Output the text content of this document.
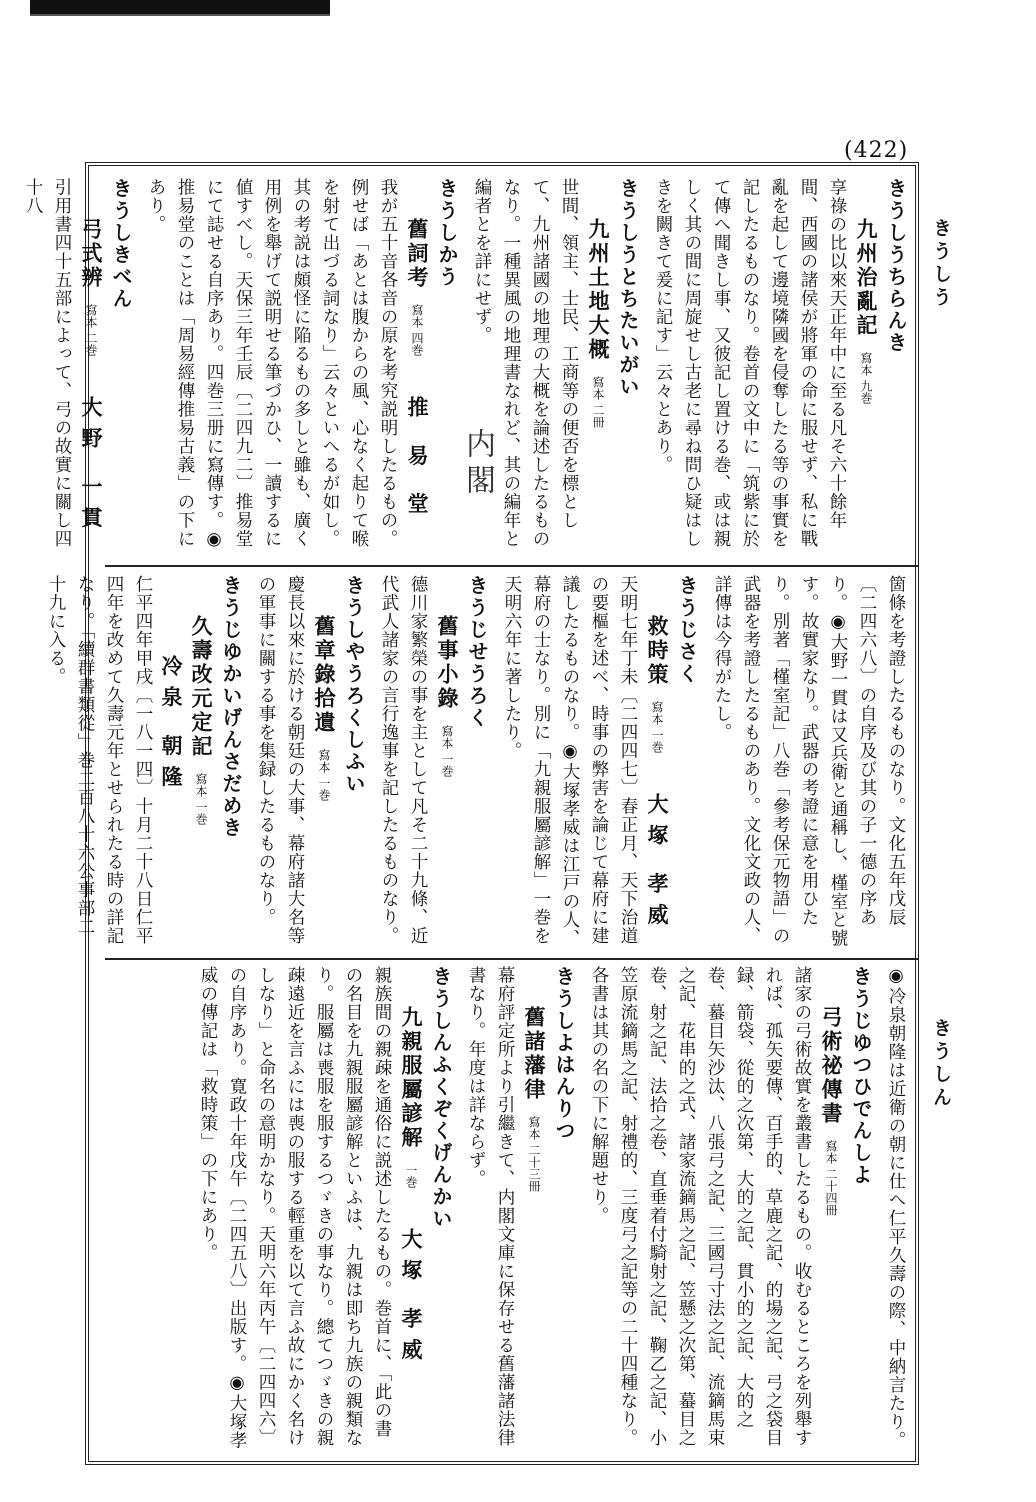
(422)
きうしう
きうしん
内閣
きうしうちらんき
九州治亂記寫本 九巻
享祿の比以來天正年中に至る凡そ六十餘年間、西國の諸侯が將軍の命に服せず、私に戰亂を起して邊境隣國を侵奪したる等の事實を記したるものなり。卷首の文中に「筑紫に於て傳へ聞きし事、又彼記し置ける巻、或は親しく其の間に周旋せし古老に尋ね問ひ疑はしきを闕きて爰に記す」云々とあり。
きうしうとちたいがい
九州土地大概寫本 二冊
世間、領主、士民、工商等の便否を標として、九州諸國の地理の大概を論述したるものなり。一種異風の地理書なれど、其の編年と編者とを詳にせず。
きうしかう
舊詞考寫本 四巻推 易 堂
我が五十音各音の原を考究説明したるもの。例せば「あとは腹からの風、心なく起りて喉を射て出づる詞なり」云々といへるが如し。其の考説は頗怪に陥るもの多しと雖も、廣く用例を舉げて説明せる筆づかひ、一讀するに値すべし。天保三年壬辰〔二四九二〕推易堂にて誌せる自序あり。四巻三册に寫傳す。◉推易堂のことは「周易經傳推易古義」の下にあり。
きうしきべん
弓式辨寫本 二巻大野 一貫
引用書四十五部によって、弓の故實に關し四十八
箇條を考證したるものなり。文化五年戊辰〔二四六八〕の自序及び其の子一德の序あり。◉大野一貫は又兵衛と通稱し、槿室と號す。故實家なり。武器の考證に意を用ひたり。別著「槿室記」八巻「參考保元物語」の武器を考證したるものあり。文化文政の人、詳傳は今得がたし。
きうじさく
救時策寫本 一巻大塚 孝威
天明七年丁未〔二四四七〕春正月、天下治道の要樞を述べ、時事の弊害を論じて幕府に建議したるものなり。◉大塚孝威は江戸の人、幕府の士なり。別に「九親服屬諺解」一巻を天明六年に著したり。
きうじせうろく
舊事小錄寫本 一巻
德川家繁榮の事を主として凡そ二十九條、近代武人諸家の言行逸事を記したるものなり。
きうしやうろくしふい
舊章錄拾遺寫本 一巻
慶長以來に於ける朝廷の大事、幕府諸大名等の軍事に關する事を集録したるものなり。
きうじゆかいげんさだめき
久壽改元定記寫本 一巻冷泉 朝隆
仁平四年甲戌〔一八一四〕十月二十八日仁平四年を改めて久壽元年とせられたる時の詳記なり。「續群書類從」巻二百八十六公事部二十九に入る。
◉冷泉朝隆は近衛の朝に仕へ仁平久壽の際、中納言たり。
きうじゆつひでんしよ
弓術祕傳書寫本 二十四冊
諸家の弓術故實を叢書したるもの。收むるところを列舉すれば、孤矢要傳、百手的、草鹿之記、的場之記、弓之袋目録、箭袋、從的之次第、大的之記、貫小的之記、大的之卷、蟇目矢沙汰、八張弓之記、三國弓寸法之記、流鏑馬束之記、花串的之式、諸家流鏑馬之記、笠懸之次第、蟇目之卷、射之記、法拾之卷、直垂着付騎射之記、鞠乙之記、小笠原流鏑馬之記、射禮的、三度弓之記等の二十四種なり。各書は其の名の下に解題せり。
きうしよはんりつ
舊諸藩律寫本 二十三冊
幕府評定所より引繼きて、内閣文庫に保存せる舊藩諸法律書なり。年度は詳ならず。
きうしんふくぞくげんかい
九親服屬諺解一巻大塚 孝威
親族間の親疎を通俗に説述したるもの。巻首に、「此の書の名目を九親服屬諺解といふは、九親は即ち九族の親類なり。服屬は喪服を服するつゞきの事なり。總てつゞきの親疎遠近を言ふには喪の服する輕重を以て言ふ故にかく名けしなり」と命名の意明かなり。天明六年丙午〔二四四六〕の自序あり。寛政十年戊午〔二四五八〕出版す。◉大塚孝威の傳記は「救時策」の下にあり。
